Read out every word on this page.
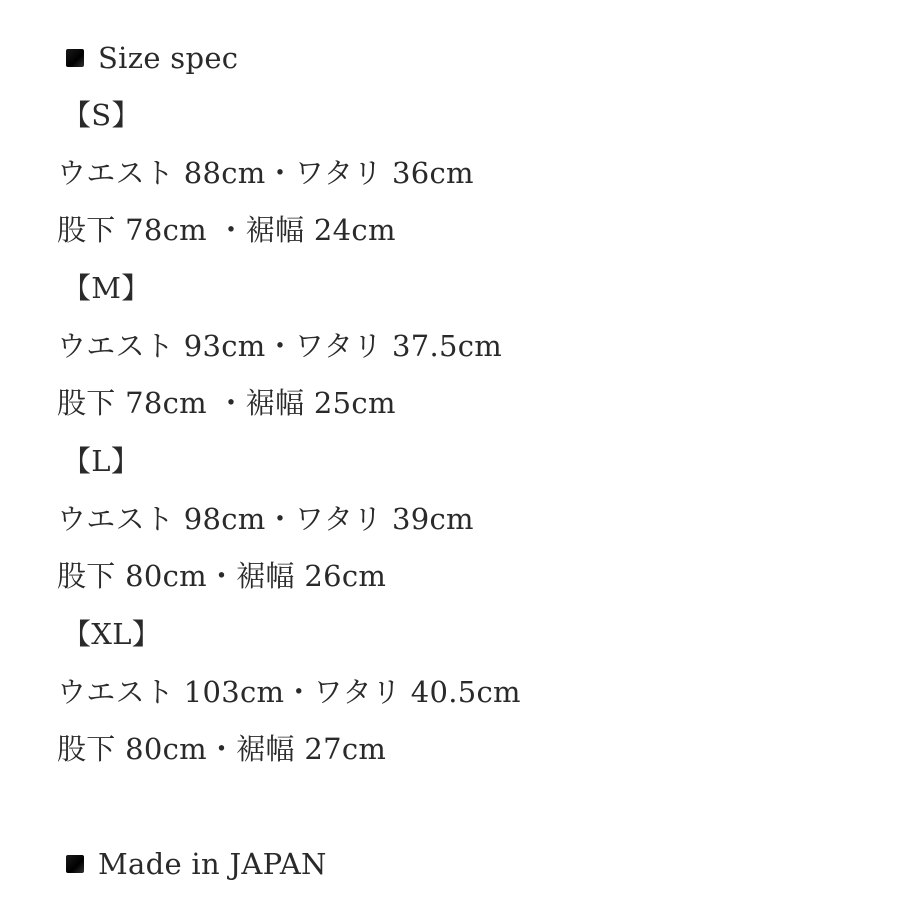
Size spec
【S】
ウエスト 88cm・ワタリ 36cm
股下 78cm ・裾幅 24cm
【M】
ウエスト 93cm・ワタリ 37.5cm
股下 78cm ・裾幅 25cm
【L】
ウエスト 98cm・ワタリ 39cm
股下 80cm・裾幅 26cm
【XL】
ウエスト 103cm・ワタリ 40.5cm
股下 80cm・裾幅 27cm
Made in JAPAN
